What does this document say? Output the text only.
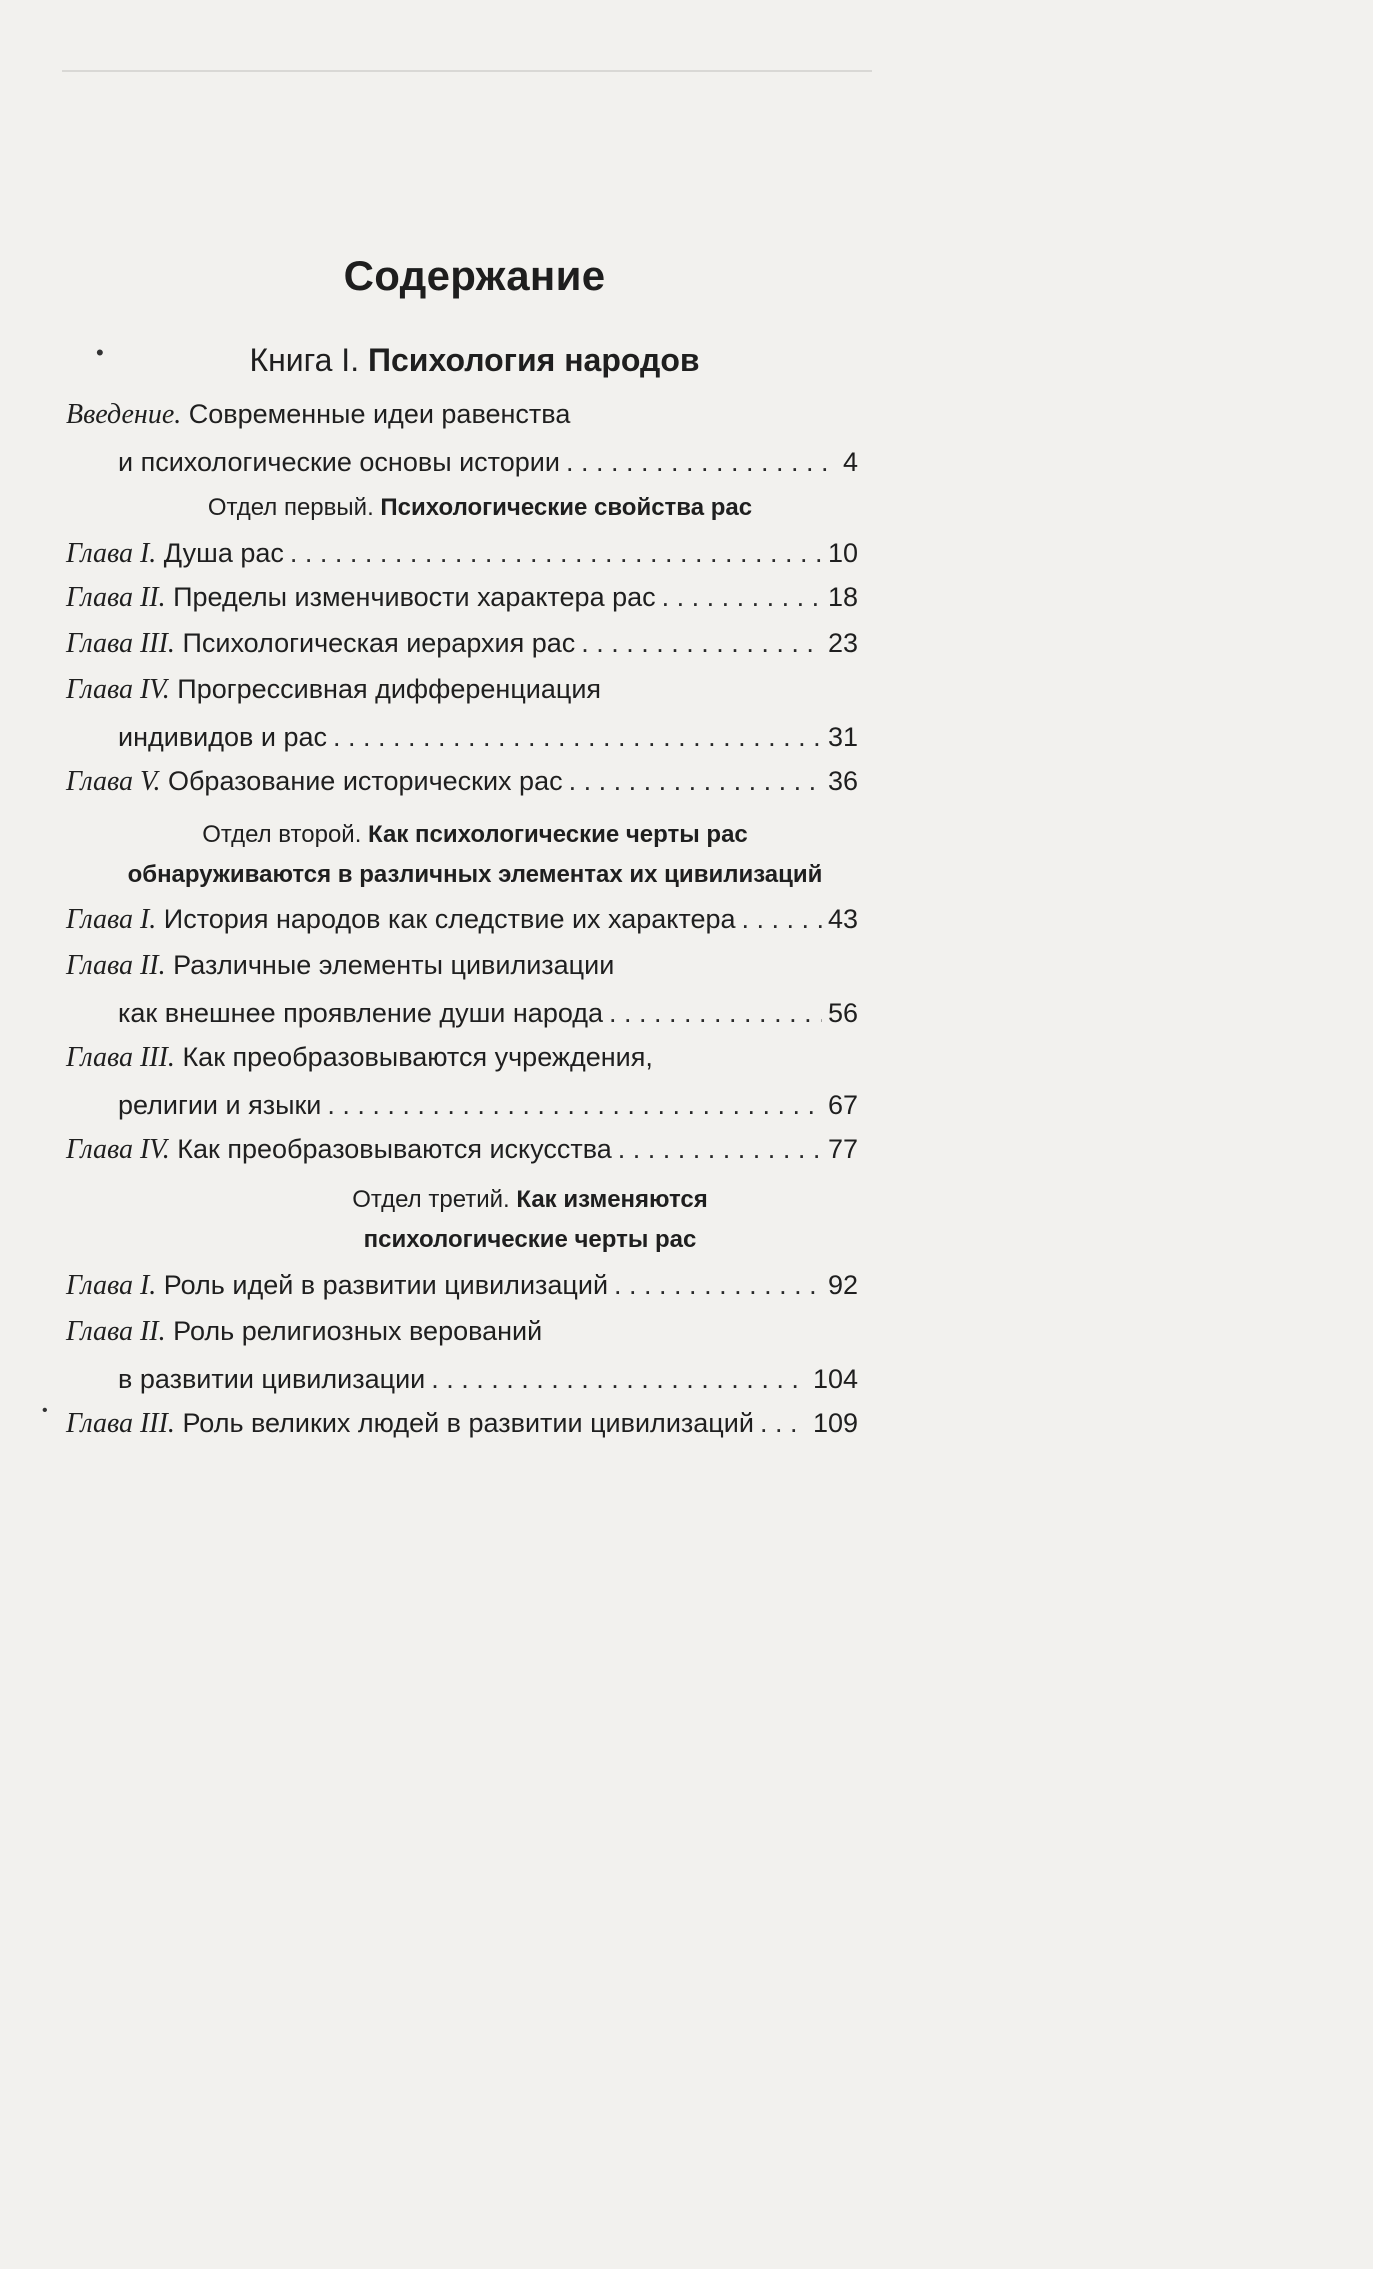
Содержание
Книга I. Психология народов
Введение.
Современные идеи равенства
и психологические основы истории . . .	4
Отдел первый. Психологические свойства рас
Глава I.
Душа рас . . .	10
Глава II.
Пределы изменчивости характера рас . . .	18
Глава III.
Психологическая иерархия рас . . .	23
Глава IV.
Прогрессивная дифференциация
индивидов и рас . . .	31
Глава V.
Образование исторических рас . . .	36
Отдел второй. Как психологические черты рас
обнаруживаются в различных элементах их цивилизаций
Глава I.
История народов как следствие их характера . . .	43
Глава II.
Различные элементы цивилизации
как внешнее проявление души народа . . .	56
Глава III.
Как преобразовываются учреждения,
религии и языки . . .	67
Глава IV.
Как преобразовываются искусства . . .	77
Отдел третий. Как изменяются
психологические черты рас
Глава I.
Роль идей в развитии цивилизаций . . .	92
Глава II.
Роль религиозных верований
в развитии цивилизации . . .	104
Глава III.
Роль великих людей в развитии цивилизаций . . . 109
•
•
